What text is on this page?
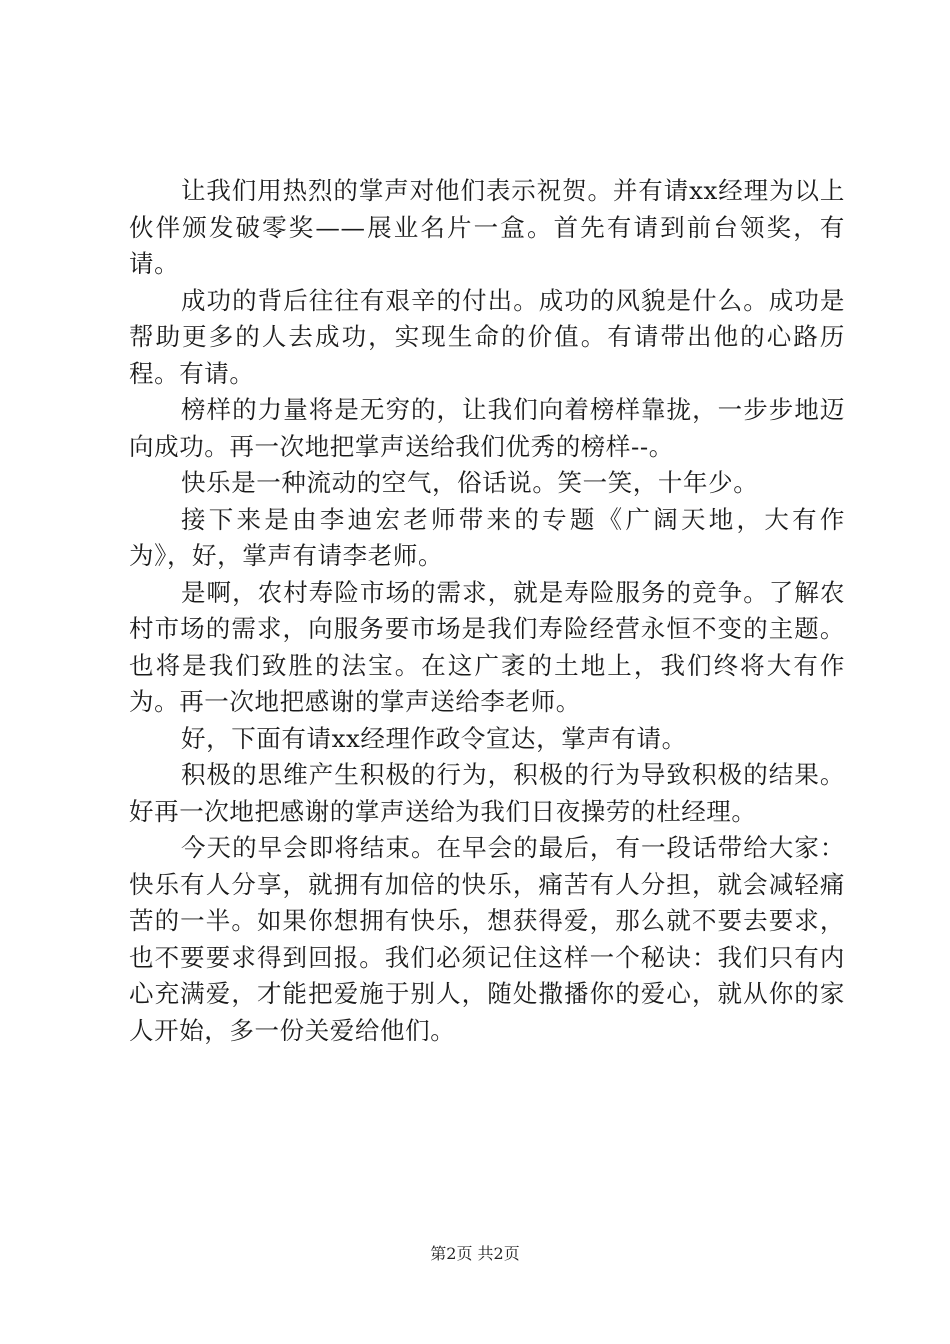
让我们用热烈的掌声对他们表示祝贺。并有请xx经理为以上伙伴颁发破零奖——展业名片一盒。首先有请到前台领奖，有请。

成功的背后往往有艰辛的付出。成功的风貌是什么。成功是帮助更多的人去成功，实现生命的价值。有请带出他的心路历程。有请。

榜样的力量将是无穷的，让我们向着榜样靠拢，一步步地迈向成功。再一次地把掌声送给我们优秀的榜样--。

快乐是一种流动的空气，俗话说。笑一笑，十年少。

接下来是由李迪宏老师带来的专题《广阔天地，大有作为》，好，掌声有请李老师。

是啊，农村寿险市场的需求，就是寿险服务的竞争。了解农村市场的需求，向服务要市场是我们寿险经营永恒不变的主题。也将是我们致胜的法宝。在这广袤的土地上，我们终将大有作为。再一次地把感谢的掌声送给李老师。

好，下面有请xx经理作政令宣达，掌声有请。

积极的思维产生积极的行为，积极的行为导致积极的结果。好再一次地把感谢的掌声送给为我们日夜操劳的杜经理。

今天的早会即将结束。在早会的最后，有一段话带给大家：快乐有人分享，就拥有加倍的快乐，痛苦有人分担，就会减轻痛苦的一半。如果你想拥有快乐，想获得爱，那么就不要去要求，也不要要求得到回报。我们必须记住这样一个秘诀：我们只有内心充满爱，才能把爱施于别人，随处撒播你的爱心，就从你的家人开始，多一份关爱给他们。

第2页 共2页
